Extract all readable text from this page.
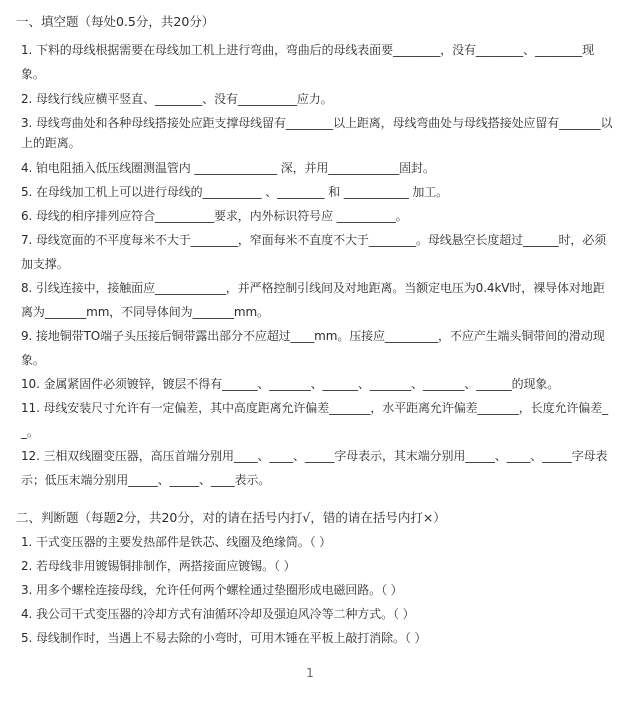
一、填空题（每处0.5分，共20分）
1. 下料的母线根据需要在母线加工机上进行弯曲，弯曲后的母线表面要________，没有________、________现
象。
2. 母线行线应横平竖直、________、没有__________应力。
3. 母线弯曲处和各种母线搭接处应距支撑母线留有________以上距离，母线弯曲处与母线搭接处应留有_______以
上的距离。
4. 铂电阻插入低压线圈测温管内 ______________ 深，并用____________固封。
5. 在母线加工机上可以进行母线的__________ 、________ 和 ___________ 加工。
6. 母线的相序排列应符合__________要求，内外标识符号应 __________。
7. 母线宽面的不平度每米不大于________，窄面每米不直度不大于________。母线悬空长度超过______时，必须
加支撑。
8. 引线连接中，接触面应____________，并严格控制引线间及对地距离。当额定电压为0.4kV时，裸导体对地距
离为_______mm，不同导体间为_______mm。
9. 接地铜带TO端子头压接后铜带露出部分不应超过____mm。压接应_________，不应产生端头铜带间的滑动现
象。
10. 金属紧固件必须镀锌，镀层不得有______、_______、______、_______、_______、______的现象。
11. 母线安装尺寸允许有一定偏差，其中高度距离允许偏差_______，水平距离允许偏差_______，长度允许偏差_
_。
12. 三相双线圈变压器，高压首端分别用____、____、_____字母表示，其末端分别用_____、____、_____字母表
示；低压末端分别用_____、_____、____表示。
二、判断题（每题2分，共20分，对的请在括号内打√，错的请在括号内打×）
1. 干式变压器的主要发热部件是铁芯、线圈及绝缘筒。（ ）
2. 若母线非用镀锡铜排制作，两搭接面应镀锡。（ ）
3. 用多个螺栓连接母线，允许任何两个螺栓通过垫圈形成电磁回路。（ ）
4. 我公司干式变压器的冷却方式有油循环冷却及强迫风冷等二种方式。（ ）
5. 母线制作时，当遇上不易去除的小弯时，可用木锤在平板上敲打消除。（ ）
1
